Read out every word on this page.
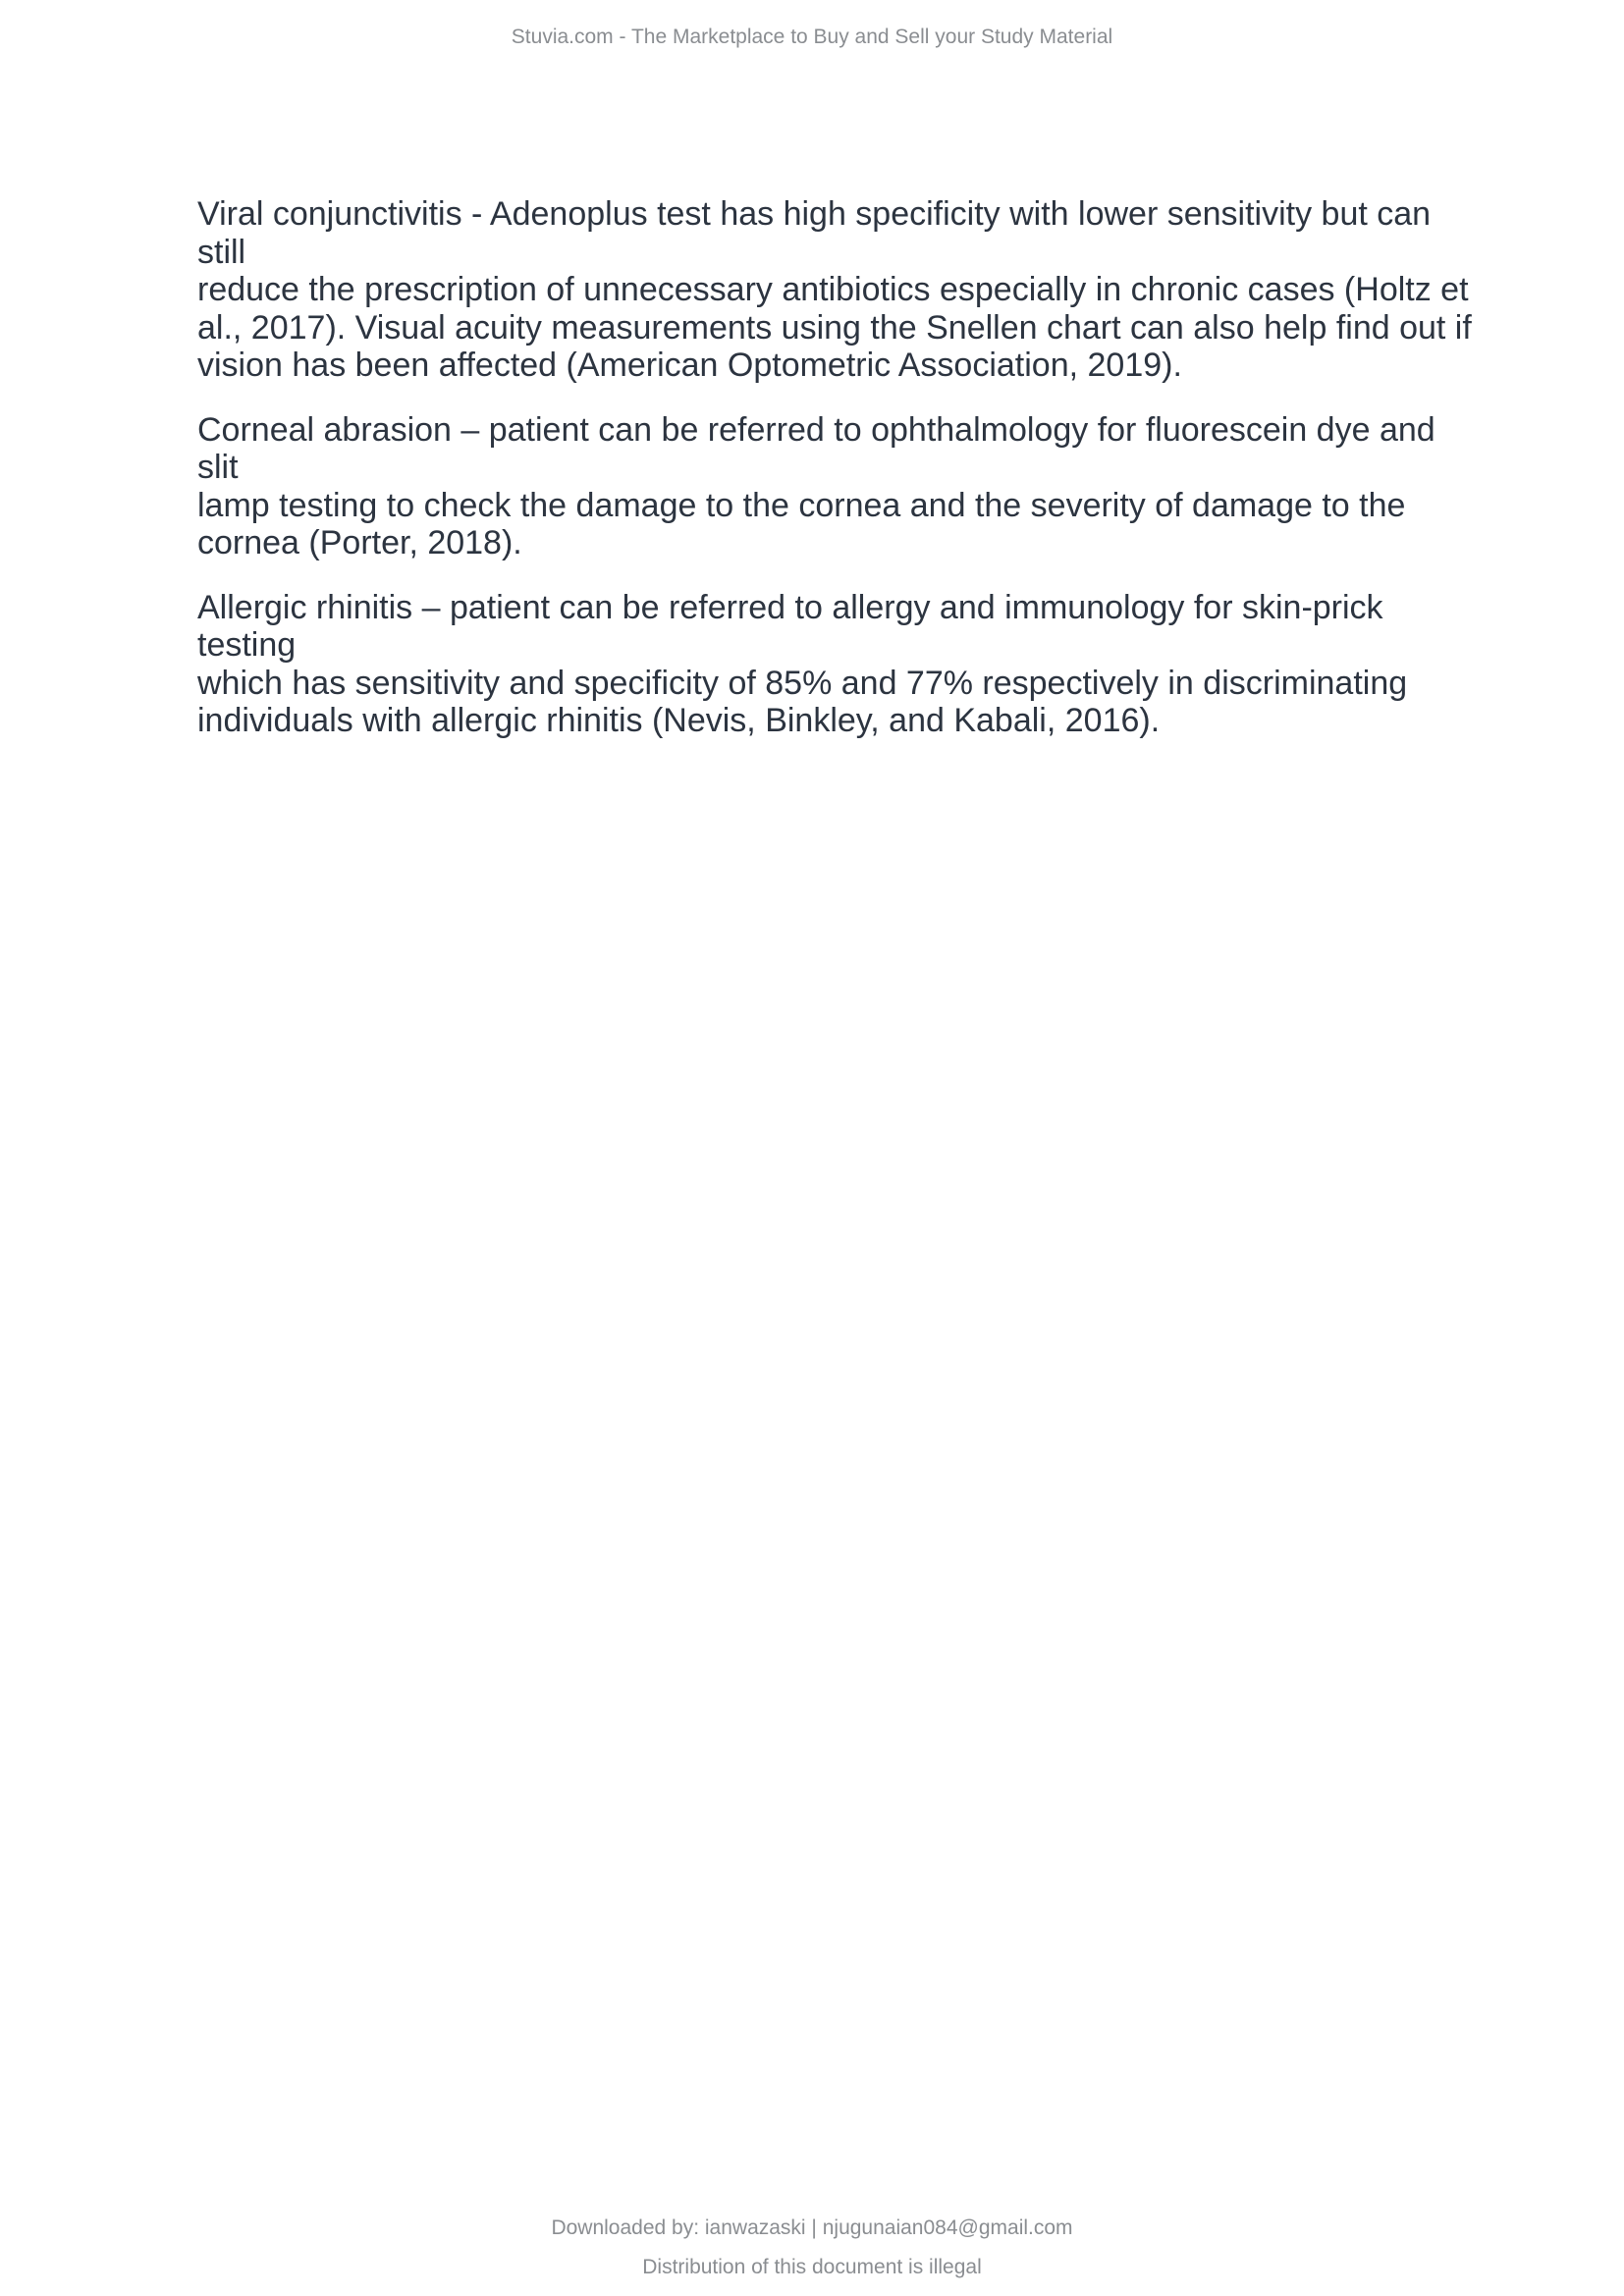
Stuvia.com - The Marketplace to Buy and Sell your Study Material

Viral conjunctivitis - Adenoplus test has high specificity with lower sensitivity but can still
reduce the prescription of unnecessary antibiotics especially in chronic cases (Holtz et
al., 2017). Visual acuity measurements using the Snellen chart can also help find out if
vision has been affected (American Optometric Association, 2019).

Corneal abrasion – patient can be referred to ophthalmology for fluorescein dye and slit
lamp testing to check the damage to the cornea and the severity of damage to the
cornea (Porter, 2018).

Allergic rhinitis – patient can be referred to allergy and immunology for skin-prick testing
which has sensitivity and specificity of 85% and 77% respectively in discriminating
individuals with allergic rhinitis (Nevis, Binkley, and Kabali, 2016).

Downloaded by: ianwazaski | njugunaian084@gmail.com
Distribution of this document is illegal
